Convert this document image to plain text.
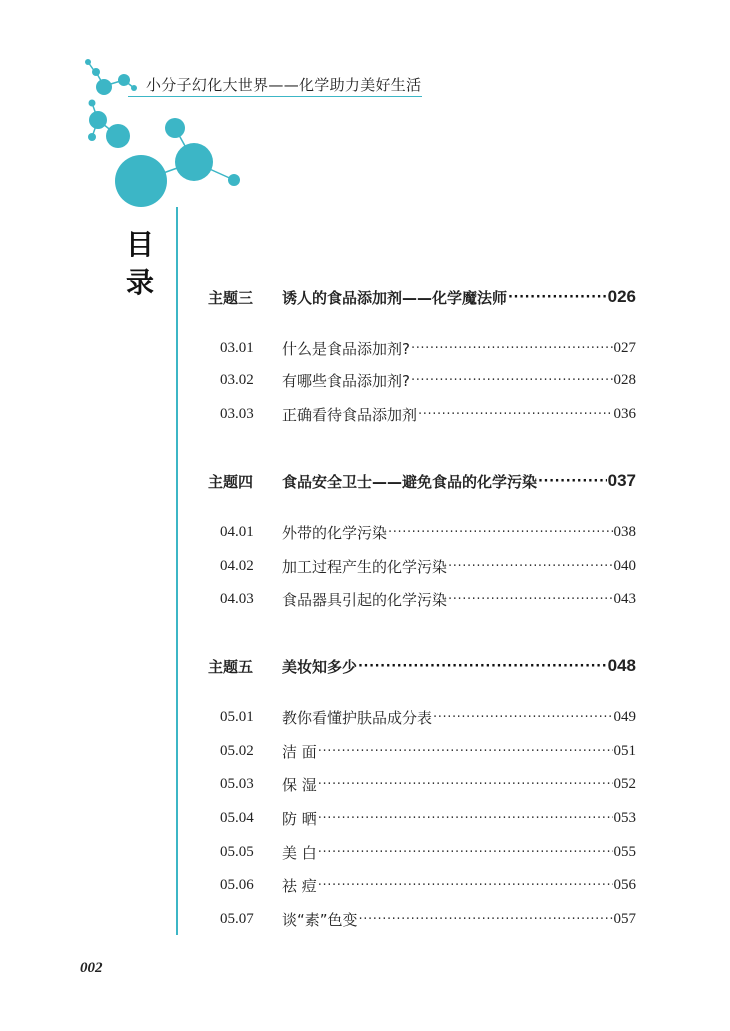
小分子幻化大世界——化学助力美好生活
目
录	主题三	诱人的食品添加剂——化学魔法师 ·····	026
03.01	什么是食品添加剂? ·····	027
03.02	有哪些食品添加剂? ·····	028
03.03	正确看待食品添加剂 ·····	036
主题四	食品安全卫士——避免食品的化学污染 ·····	037
04.01	外带的化学污染 ·····	038
04.02	加工过程产生的化学污染 ·····	040
04.03	食品器具引起的化学污染 ·····	043
主题五	美妆知多少 ·····	048
05.01	教你看懂护肤品成分表 ·····	049
05.02	洁 面 ·····	051
05.03	保 湿 ·····	052
05.04	防 晒 ·····	053
05.05	美 白 ·····	055
05.06	祛 痘 ·····	056
05.07	谈“素”色变 ·····	057
002
